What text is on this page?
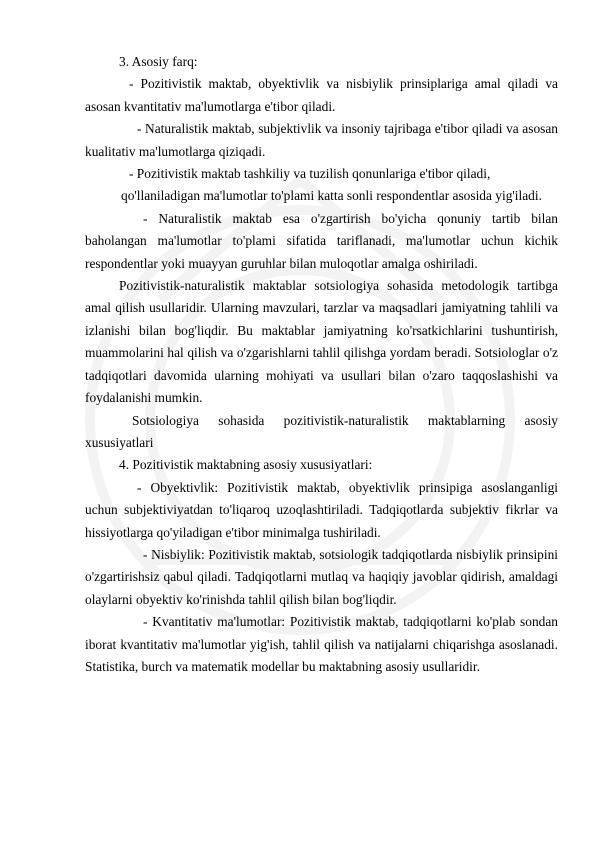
3. Asosiy farq:

- Pozitivistik maktab, obyektivlik va nisbiylik prinsiplariga amal qiladi va asosan kvantitativ ma'lumotlarga e'tibor qiladi.

- Naturalistik maktab, subjektivlik va insoniy tajribaga e'tibor qiladi va asosan kualitativ ma'lumotlarga qiziqadi.

- Pozitivistik maktab tashkiliy va tuzilish qonunlariga e'tibor qiladi,

qo'llaniladigan ma'lumotlar to'plami katta sonli respondentlar asosida yig'iladi.

- Naturalistik maktab esa o'zgartirish bo'yicha qonuniy tartib bilan baholangan ma'lumotlar to'plami sifatida tariflanadi, ma'lumotlar uchun kichik respondentlar yoki muayyan guruhlar bilan muloqotlar amalga oshiriladi.

Pozitivistik-naturalistik maktablar sotsiologiya sohasida metodologik tartibga amal qilish usullaridir. Ularning mavzulari, tarzlar va maqsadlari jamiyatning tahlili va izlanishi bilan bog'liqdir. Bu maktablar jamiyatning ko'rsatkichlarini tushuntirish, muammolarini hal qilish va o'zgarishlarni tahlil qilishga yordam beradi. Sotsiologlar o'z tadqiqotlari davomida ularning mohiyati va usullari bilan o'zaro taqqoslashishi va foydalanishi mumkin.

Sotsiologiya sohasida pozitivistik-naturalistik maktablarning asosiy xususiyatlari

4. Pozitivistik maktabning asosiy xususiyatlari:

- Obyektivlik: Pozitivistik maktab, obyektivlik prinsipiga asoslanganligi uchun subjektiviyatdan to'liqaroq uzoqlashtiriladi. Tadqiqotlarda subjektiv fikrlar va hissiyotlarga qo'yiladigan e'tibor minimalga tushiriladi.

- Nisbiylik: Pozitivistik maktab, sotsiologik tadqiqotlarda nisbiylik prinsipini o'zgartirishsiz qabul qiladi. Tadqiqotlarni mutlaq va haqiqiy javoblar qidirish, amaldagi olaylarni obyektiv ko'rinishda tahlil qilish bilan bog'liqdir.

- Kvantitativ ma'lumotlar: Pozitivistik maktab, tadqiqotlarni ko'plab sondan iborat kvantitativ ma'lumotlar yig'ish, tahlil qilish va natijalarni chiqarishga asoslanadi. Statistika, burch va matematik modellar bu maktabning asosiy usullaridir.
